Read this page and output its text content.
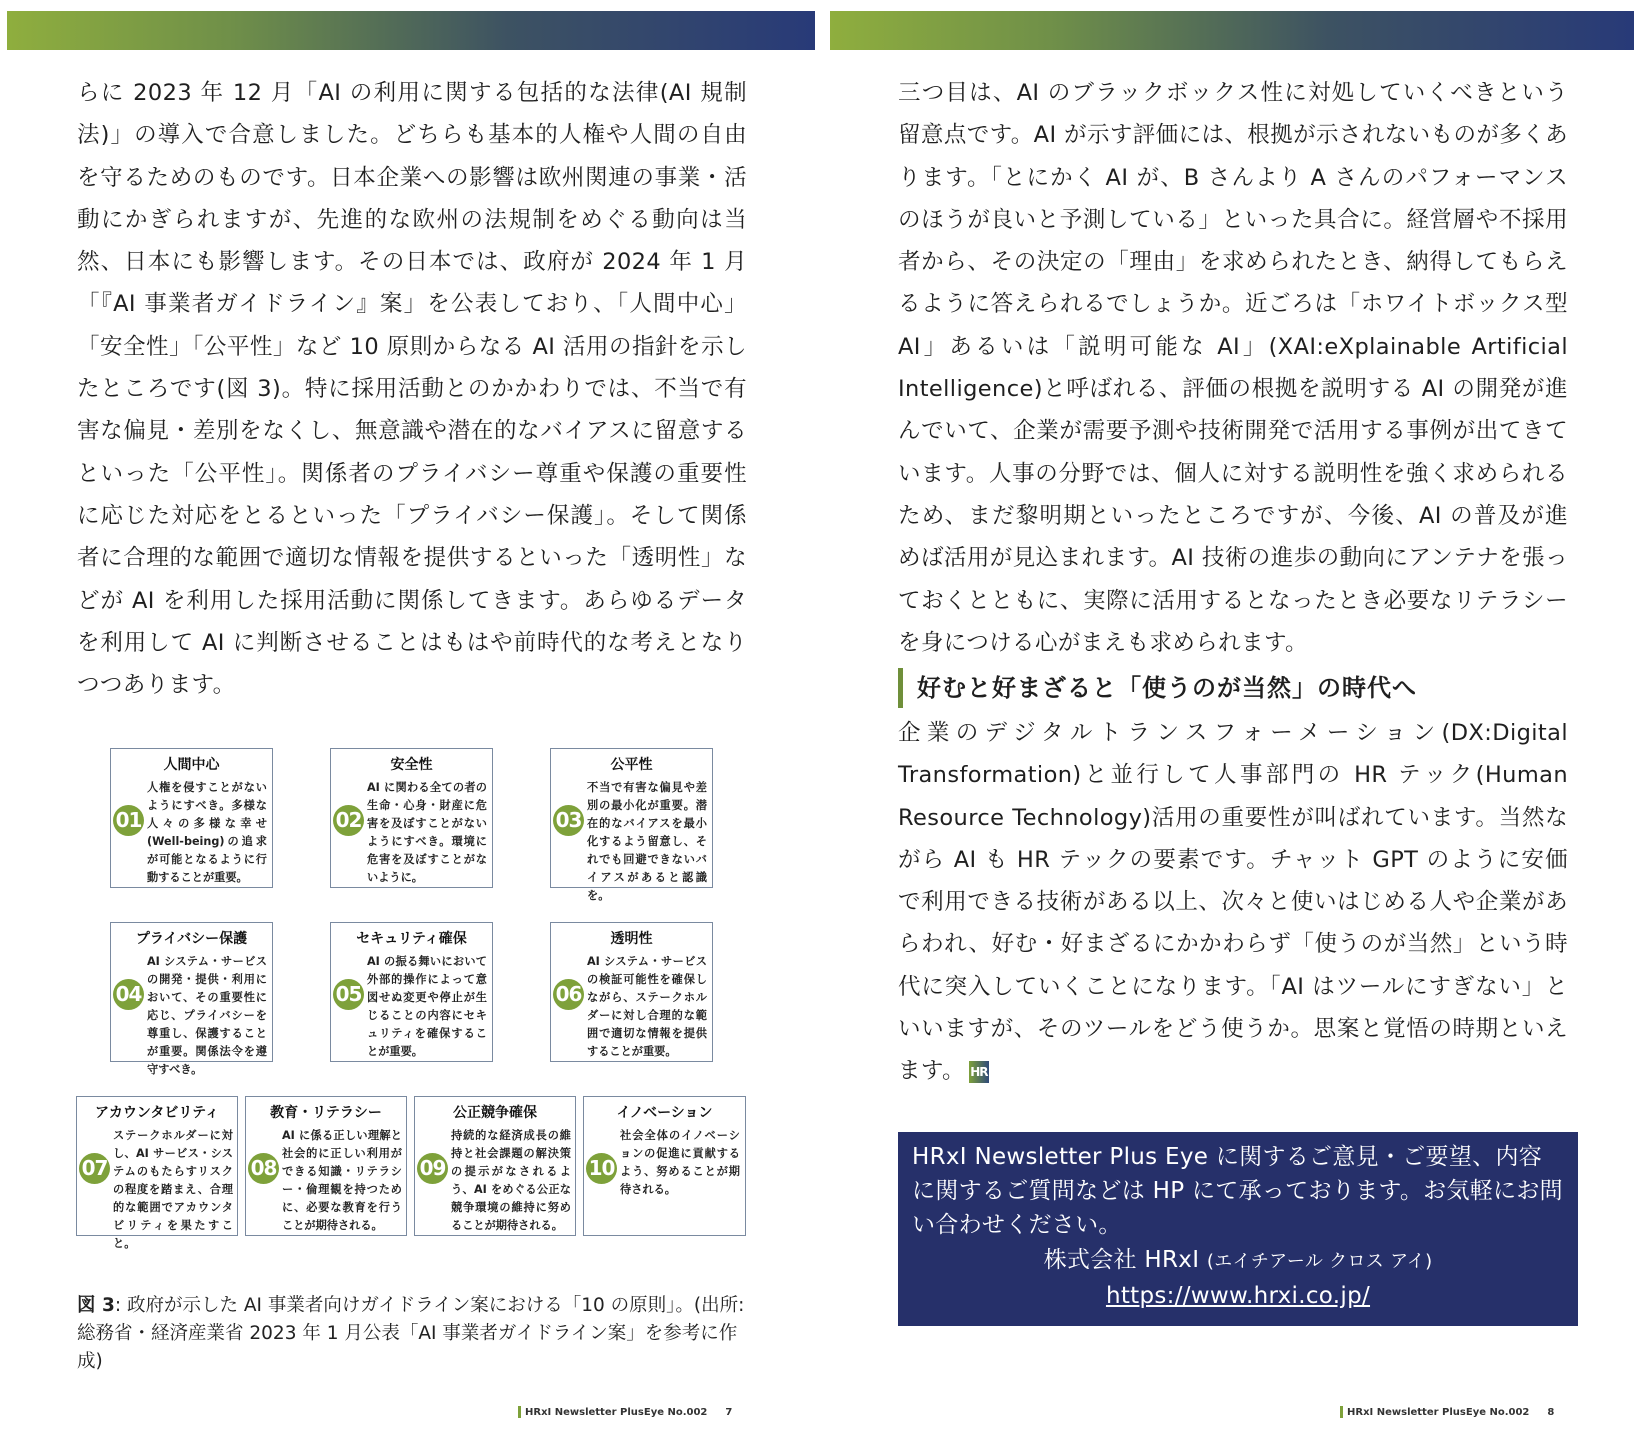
らに 2023 年 12 月「AI の利用に関する包括的な法律(AI 規制法)」の導入で合意しました。どちらも基本的人権や人間の自由を守るためのものです。日本企業への影響は欧州関連の事業・活動にかぎられますが、先進的な欧州の法規制をめぐる動向は当然、日本にも影響します。その日本では、政府が 2024 年 1 月「『AI 事業者ガイドライン』案」を公表しており、「人間中心」「安全性」「公平性」など 10 原則からなる AI 活用の指針を示したところです(図 3)。特に採用活動とのかかわりでは、不当で有害な偏見・差別をなくし、無意識や潜在的なバイアスに留意するといった「公平性」。関係者のプライバシー尊重や保護の重要性に応じた対応をとるといった「プライバシー保護」。そして関係者に合理的な範囲で適切な情報を提供するといった「透明性」などが AI を利用した採用活動に関係してきます。あらゆるデータを利用して AI に判断させることはもはや前時代的な考えとなりつつあります。
人間中心
01
人権を侵すことがないようにすべき。多様な人々の多様な幸せ(Well-being)の追求が可能となるように行動することが重要。
安全性
02
AI に関わる全ての者の生命・心身・財産に危害を及ぼすことがないようにすべき。環境に危害を及ぼすことがないように。
公平性
03
不当で有害な偏見や差別の最小化が重要。潜在的なバイアスを最小化するよう留意し、それでも回避できないバイアスがあると認識を。
プライバシー保護
04
AI システム・サービスの開発・提供・利用において、その重要性に応じ、プライバシーを尊重し、保護することが重要。関係法令を遵守すべき。
セキュリティ確保
05
AI の振る舞いにおいて外部的操作によって意図せぬ変更や停止が生じることの内容にセキュリティを確保することが重要。
透明性
06
AI システム・サービスの検証可能性を確保しながら、ステークホルダーに対し合理的な範囲で適切な情報を提供することが重要。
アカウンタビリティ
07
ステークホルダーに対し、AI サービス・システムのもたらすリスクの程度を踏まえ、合理的な範囲でアカウンタビリティを果たすこと。
教育・リテラシー
08
AI に係る正しい理解と社会的に正しい利用ができる知識・リテラシー・倫理観を持つために、必要な教育を行うことが期待される。
公正競争確保
09
持続的な経済成長の維持と社会課題の解決策の提示がなされるよう、AI をめぐる公正な競争環境の維持に努めることが期待される。
イノベーション
10
社会全体のイノベーションの促進に貢献するよう、努めることが期待される。
図 3: 政府が示した AI 事業者向けガイドライン案における「10 の原則」。(出所:総務省・経済産業省 2023 年 1 月公表「AI 事業者ガイドライン案」を参考に作成)
HRxI Newsletter PlusEye No.002 7
三つ目は、AI のブラックボックス性に対処していくべきという留意点です。AI が示す評価には、根拠が示されないものが多くあります。「とにかく AI が、B さんより A さんのパフォーマンスのほうが良いと予測している」といった具合に。経営層や不採用者から、その決定の「理由」を求められたとき、納得してもらえるように答えられるでしょうか。近ごろは「ホワイトボックス型 AI」あるいは「説明可能な AI」(XAI:eXplainable Artificial Intelligence)と呼ばれる、評価の根拠を説明する AI の開発が進んでいて、企業が需要予測や技術開発で活用する事例が出てきています。人事の分野では、個人に対する説明性を強く求められるため、まだ黎明期といったところですが、今後、AI の普及が進めば活用が見込まれます。AI 技術の進歩の動向にアンテナを張っておくとともに、実際に活用するとなったとき必要なリテラシーを身につける心がまえも求められます。
好むと好まざると「使うのが当然」の時代へ
企業のデジタルトランスフォーメーション(DX:Digital Transformation)と並行して人事部門の HR テック(Human Resource Technology)活用の重要性が叫ばれています。当然ながら AI も HR テックの要素です。チャット GPT のように安価で利用できる技術がある以上、次々と使いはじめる人や企業があらわれ、好む・好まざるにかかわらず「使うのが当然」という時代に突入していくことになります。「AI はツールにすぎない」といいますが、そのツールをどう使うか。思案と覚悟の時期といえます。 HR
HRxI Newsletter Plus Eye に関するご意見・ご要望、内容に関するご質問などは HP にて承っております。お気軽にお問い合わせください。
株式会社 HRxI (エイチアール クロス アイ)
https://www.hrxi.co.jp/
HRxI Newsletter PlusEye No.002 8
